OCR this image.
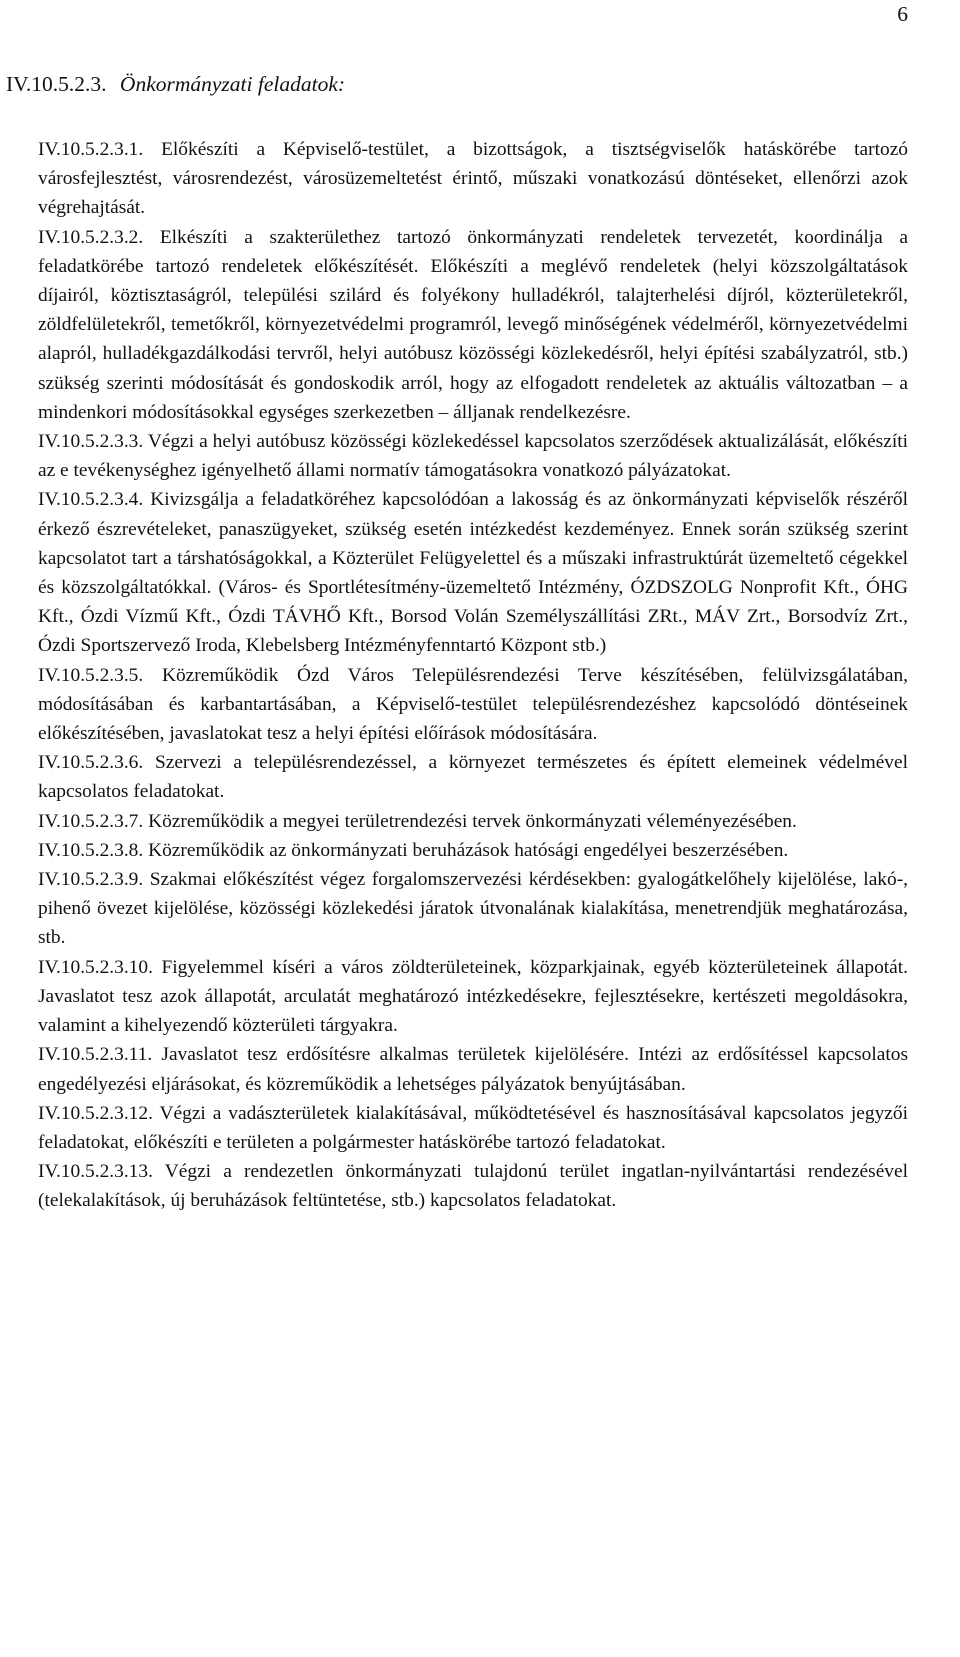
6
IV.10.5.2.3. Önkormányzati feladatok:

IV.10.5.2.3.1. Előkészíti a Képviselő-testület, a bizottságok, a tisztségviselők hatáskörébe tartozó városfejlesztést, városrendezést, városüzemeltetést érintő, műszaki vonatkozású döntéseket, ellenőrzi azok végrehajtását.

IV.10.5.2.3.2. Elkészíti a szakterülethez tartozó önkormányzati rendeletek tervezetét, koordinálja a feladatkörébe tartozó rendeletek előkészítését. Előkészíti a meglévő rendeletek (helyi közszolgáltatások díjairól, köztisztaságról, települési szilárd és folyékony hulladékról, talajterhelési díjról, közterületekről, zöldfelületekről, temetőkről, környezetvédelmi programról, levegő minőségének védelméről, környezetvédelmi alapról, hulladékgazdálkodási tervről, helyi autóbusz közösségi közlekedésről, helyi építési szabályzatról, stb.) szükség szerinti módosítását és gondoskodik arról, hogy az elfogadott rendeletek az aktuális változatban – a mindenkori módosításokkal egységes szerkezetben – álljanak rendelkezésre.

IV.10.5.2.3.3. Végzi a helyi autóbusz közösségi közlekedéssel kapcsolatos szerződések aktualizálását, előkészíti az e tevékenységhez igényelhető állami normatív támogatásokra vonatkozó pályázatokat.

IV.10.5.2.3.4. Kivizsgálja a feladatköréhez kapcsolódóan a lakosság és az önkormányzati képviselők részéről érkező észrevételeket, panaszügyeket, szükség esetén intézkedést kezdeményez. Ennek során szükség szerint kapcsolatot tart a társhatóságokkal, a Közterület Felügyelettel és a műszaki infrastruktúrát üzemeltető cégekkel és közszolgáltatókkal. (Város- és Sportlétesítmény-üzemeltető Intézmény, ÓZDSZOLG Nonprofit Kft., ÓHG Kft., Ózdi Vízmű Kft., Ózdi TÁVHŐ Kft., Borsod Volán Személyszállítási ZRt., MÁV Zrt., Borsodvíz Zrt., Ózdi Sportszervező Iroda, Klebelsberg Intézményfenntartó Központ stb.)

IV.10.5.2.3.5. Közreműködik Ózd Város Településrendezési Terve készítésében, felülvizsgálatában, módosításában és karbantartásában, a Képviselő-testület településrendezéshez kapcsolódó döntéseinek előkészítésében, javaslatokat tesz a helyi építési előírások módosítására.

IV.10.5.2.3.6. Szervezi a településrendezéssel, a környezet természetes és épített elemeinek védelmével kapcsolatos feladatokat.

IV.10.5.2.3.7. Közreműködik a megyei területrendezési tervek önkormányzati véleményezésében.

IV.10.5.2.3.8. Közreműködik az önkormányzati beruházások hatósági engedélyei beszerzésében.

IV.10.5.2.3.9. Szakmai előkészítést végez forgalomszervezési kérdésekben: gyalogátkelőhely kijelölése, lakó-, pihenő övezet kijelölése, közösségi közlekedési járatok útvonalának kialakítása, menetrendjük meghatározása, stb.

IV.10.5.2.3.10. Figyelemmel kíséri a város zöldterületeinek, közparkjainak, egyéb közterületeinek állapotát. Javaslatot tesz azok állapotát, arculatát meghatározó intézkedésekre, fejlesztésekre, kertészeti megoldásokra, valamint a kihelyezendő közterületi tárgyakra.

IV.10.5.2.3.11. Javaslatot tesz erdősítésre alkalmas területek kijelölésére. Intézi az erdősítéssel kapcsolatos engedélyezési eljárásokat, és közreműködik a lehetséges pályázatok benyújtásában.

IV.10.5.2.3.12. Végzi a vadászterületek kialakításával, működtetésével és hasznosításával kapcsolatos jegyzői feladatokat, előkészíti e területen a polgármester hatáskörébe tartozó feladatokat.

IV.10.5.2.3.13. Végzi a rendezetlen önkormányzati tulajdonú terület ingatlan-nyilvántartási rendezésével (telekalakítások, új beruházások feltüntetése, stb.) kapcsolatos feladatokat.
